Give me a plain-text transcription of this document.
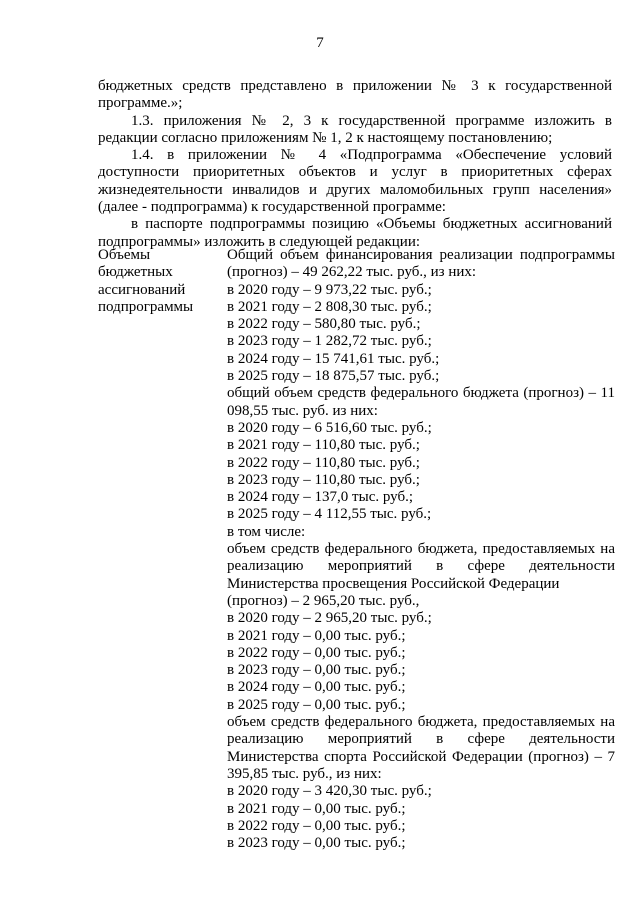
7

бюджетных средств представлено в приложении № 3 к государственной программе.»;

1.3. приложения № 2, 3 к государственной программе изложить в редакции согласно приложениям № 1, 2 к настоящему постановлению;

1.4. в приложении № 4 «Подпрограмма «Обеспечение условий доступности приоритетных объектов и услуг в приоритетных сферах жизнедеятельности инвалидов и других маломобильных групп населения» (далее - подпрограмма) к государственной программе:

в паспорте подпрограммы позицию «Объемы бюджетных ассигнований подпрограммы» изложить в следующей редакции:

Объемы
бюджетных
ассигнований
подпрограммы
Общий объем финансирования реализации подпрограммы (прогноз) – 49 262,22 тыс. руб., из них:
в 2020 году – 9 973,22 тыс. руб.;
в 2021 году – 2 808,30 тыс. руб.;
в 2022 году – 580,80 тыс. руб.;
в 2023 году – 1 282,72 тыс. руб.;
в 2024 году – 15 741,61 тыс. руб.;
в 2025 году – 18 875,57 тыс. руб.;
общий объем средств федерального бюджета (прогноз) – 11 098,55 тыс. руб. из них:
в 2020 году – 6 516,60 тыс. руб.;
в 2021 году – 110,80 тыс. руб.;
в 2022 году – 110,80 тыс. руб.;
в 2023 году – 110,80 тыс. руб.;
в 2024 году – 137,0 тыс. руб.;
в 2025 году – 4 112,55 тыс. руб.;
в том числе:
объем средств федерального бюджета, предоставляемых на реализацию мероприятий в сфере деятельности Министерства просвещения Российской Федерации
(прогноз) – 2 965,20 тыс. руб.,
в 2020 году – 2 965,20 тыс. руб.;
в 2021 году – 0,00 тыс. руб.;
в 2022 году – 0,00 тыс. руб.;
в 2023 году – 0,00 тыс. руб.;
в 2024 году – 0,00 тыс. руб.;
в 2025 году – 0,00 тыс. руб.;
объем средств федерального бюджета, предоставляемых на реализацию мероприятий в сфере деятельности Министерства спорта Российской Федерации (прогноз) – 7 395,85 тыс. руб., из них:
в 2020 году – 3 420,30 тыс. руб.;
в 2021 году – 0,00 тыс. руб.;
в 2022 году – 0,00 тыс. руб.;
в 2023 году – 0,00 тыс. руб.;
